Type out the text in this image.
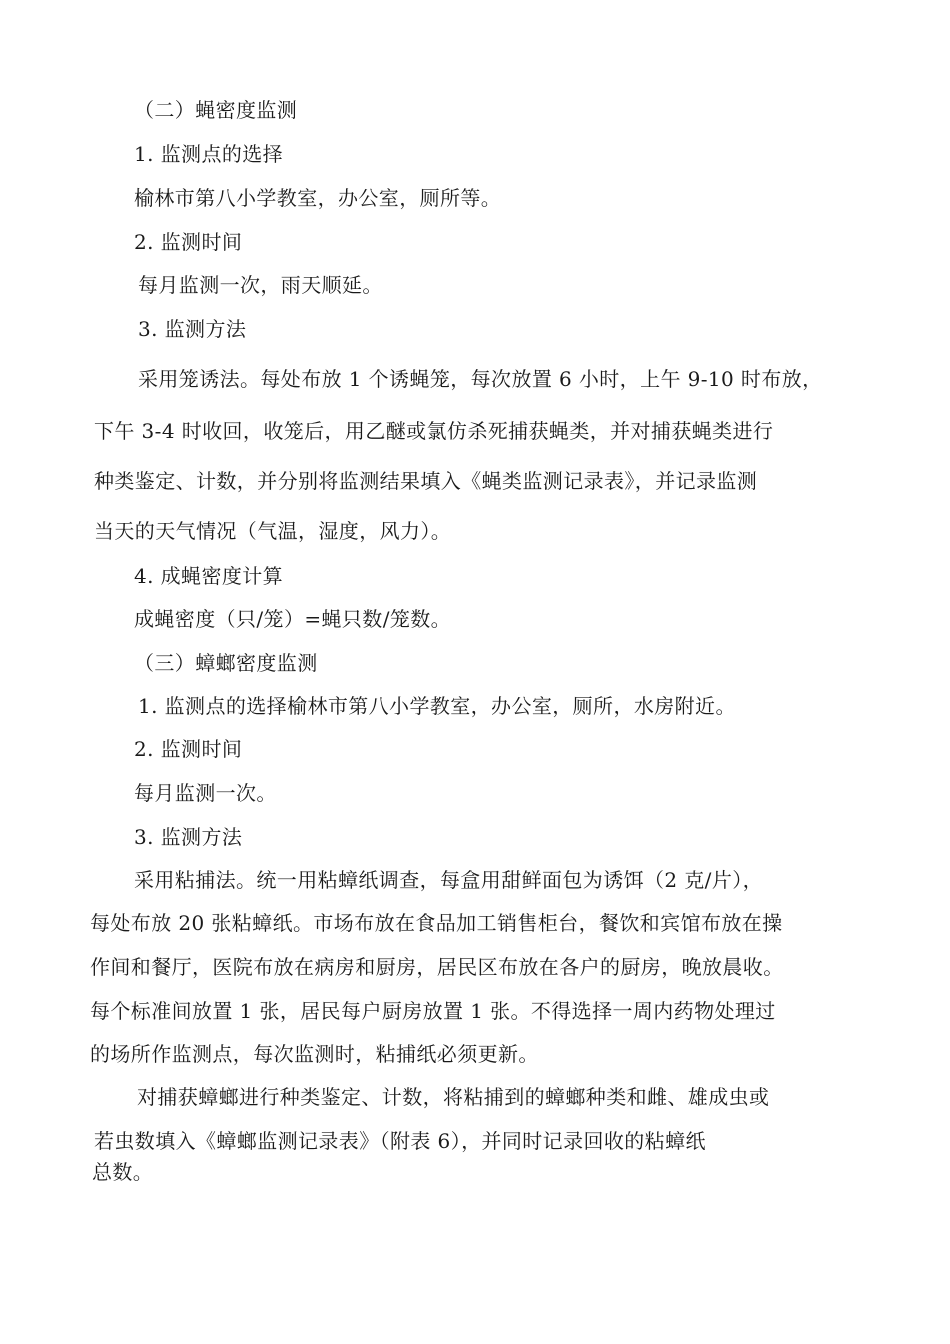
（二）蝇密度监测
1. 监测点的选择
榆林市第八小学教室，办公室，厕所等。
2. 监测时间
每月监测一次，雨天顺延。
3. 监测方法
采用笼诱法。每处布放 1 个诱蝇笼，每次放置 6 小时，上午 9-10 时布放，
下午 3-4 时收回，收笼后，用乙醚或氯仿杀死捕获蝇类，并对捕获蝇类进行
种类鉴定、计数，并分别将监测结果填入《蝇类监测记录表》，并记录监测
当天的天气情况（气温，湿度，风力）。
4. 成蝇密度计算
成蝇密度（只/笼）=蝇只数/笼数。
（三）蟑螂密度监测
1. 监测点的选择榆林市第八小学教室，办公室，厕所，水房附近。
2. 监测时间
每月监测一次。
3. 监测方法
采用粘捕法。统一用粘蟑纸调查，每盒用甜鲜面包为诱饵（2 克/片），
每处布放 20 张粘蟑纸。市场布放在食品加工销售柜台，餐饮和宾馆布放在操
作间和餐厅，医院布放在病房和厨房，居民区布放在各户的厨房，晚放晨收。
每个标准间放置 1 张，居民每户厨房放置 1 张。不得选择一周内药物处理过
的场所作监测点，每次监测时，粘捕纸必须更新。
对捕获蟑螂进行种类鉴定、计数，将粘捕到的蟑螂种类和雌、雄成虫或
若虫数填入《蟑螂监测记录表》（附表 6），并同时记录回收的粘蟑纸
总数。
